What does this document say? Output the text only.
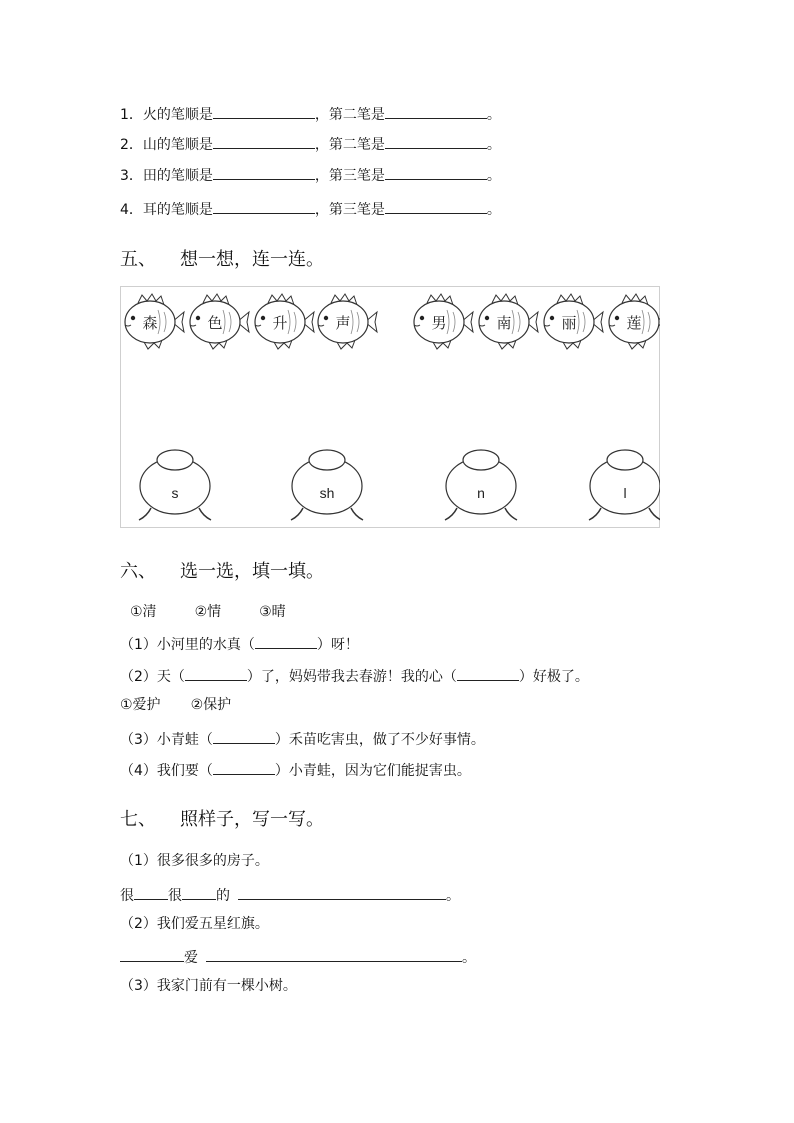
1．火的笔顺是	，第二笔是	。
2．山的笔顺是	，第二笔是	。
3．田的笔顺是	，第三笔是	。
4．耳的笔顺是	，第三笔是	。
五、 想一想，连一连。
森	色	升	声	男	南	丽	莲
s	sh	n	l
六、 选一选，填一填。
①清	②情	③晴
（1）小河里的水真（	）呀！
（2）天（	）了，妈妈带我去春游！我的心（	）好极了。
①爱护 ②保护
（3）小青蛙（	）禾苗吃害虫，做了不少好事情。
（4）我们要（	）小青蛙，因为它们能捉害虫。
七、 照样子，写一写。
（1）很多很多的房子。
很 很 的	。
（2）我们爱五星红旗。
爱	。
（3）我家门前有一棵小树。
